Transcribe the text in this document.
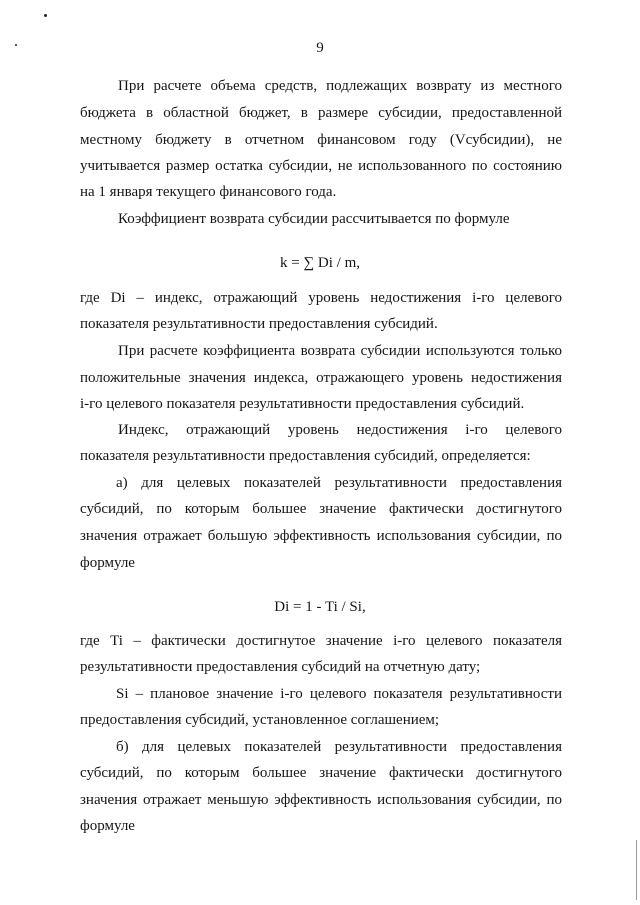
9
При расчете объема средств, подлежащих возврату из местного
бюджета в областной бюджет, в размере субсидии, предоставленной
местному бюджету в отчетном финансовом году (Vсубсидии), не
учитывается размер остатка субсидии, не использованного по состоянию
на 1 января текущего финансового года.
Коэффициент возврата субсидии рассчитывается по формуле
k = ∑ Di / m,
где Di – индекс, отражающий уровень недостижения i-го целевого
показателя результативности предоставления субсидий.
При расчете коэффициента возврата субсидии используются только
положительные значения индекса, отражающего уровень недостижения
i-го целевого показателя результативности предоставления субсидий.
Индекс, отражающий уровень недостижения i-го целевого
показателя результативности предоставления субсидий, определяется:
а) для целевых показателей результативности предоставления
субсидий, по которым большее значение фактически достигнутого
значения отражает большую эффективность использования субсидии, по
формуле
Di = 1 - Ti / Si,
где Ti – фактически достигнутое значение i-го целевого показателя
результативности предоставления субсидий на отчетную дату;
Si – плановое значение i-го целевого показателя результативности
предоставления субсидий, установленное соглашением;
б) для целевых показателей результативности предоставления
субсидий, по которым большее значение фактически достигнутого
значения отражает меньшую эффективность использования субсидии, по
формуле
